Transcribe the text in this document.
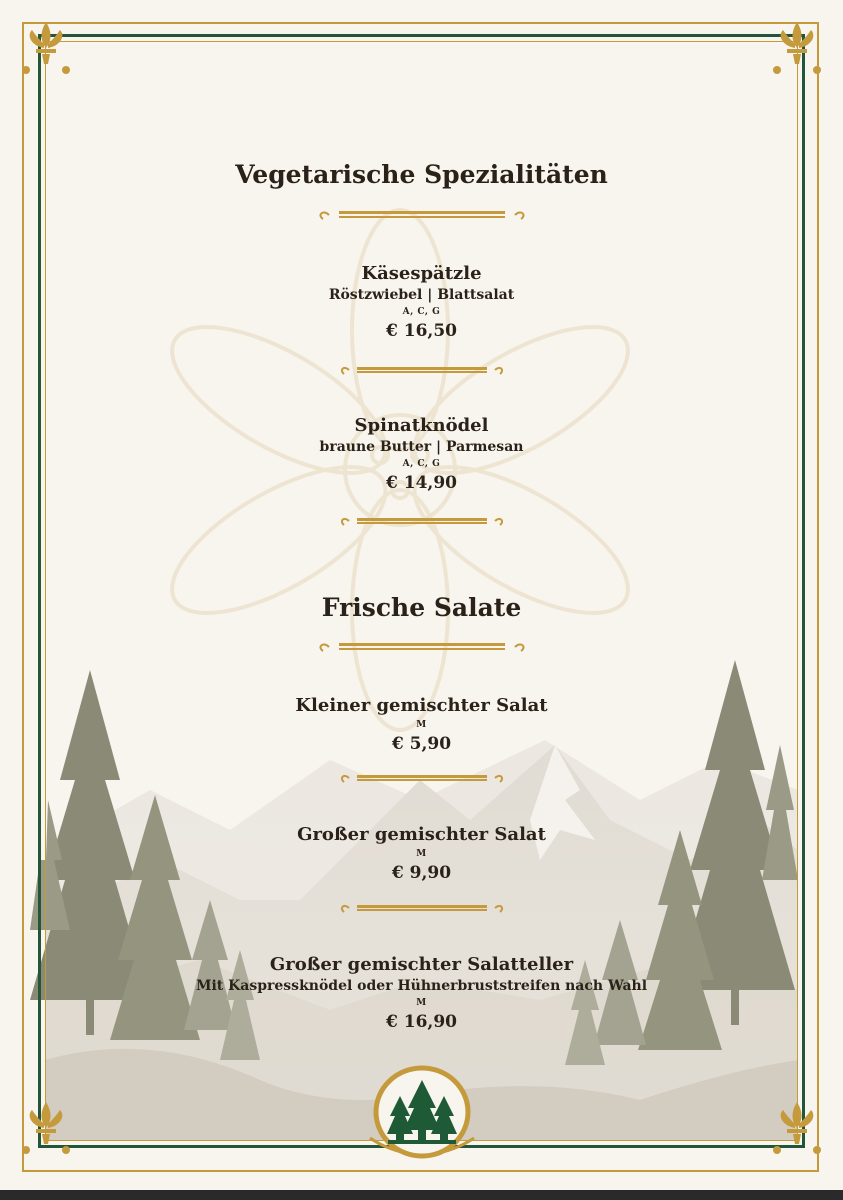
Vegetarische Spezialitäten
Käsespätzle
Röstzwiebel | Blattsalat
A, C, G
€ 16,50
Spinatknödel
braune Butter | Parmesan
A, C, G
€ 14,90
Frische Salate
Kleiner gemischter Salat
M
€ 5,90
Großer gemischter Salat
M
€ 9,90
Großer gemischter Salatteller
Mit Kaspressknödel oder Hühnerbruststreifen nach Wahl
M
€ 16,90
